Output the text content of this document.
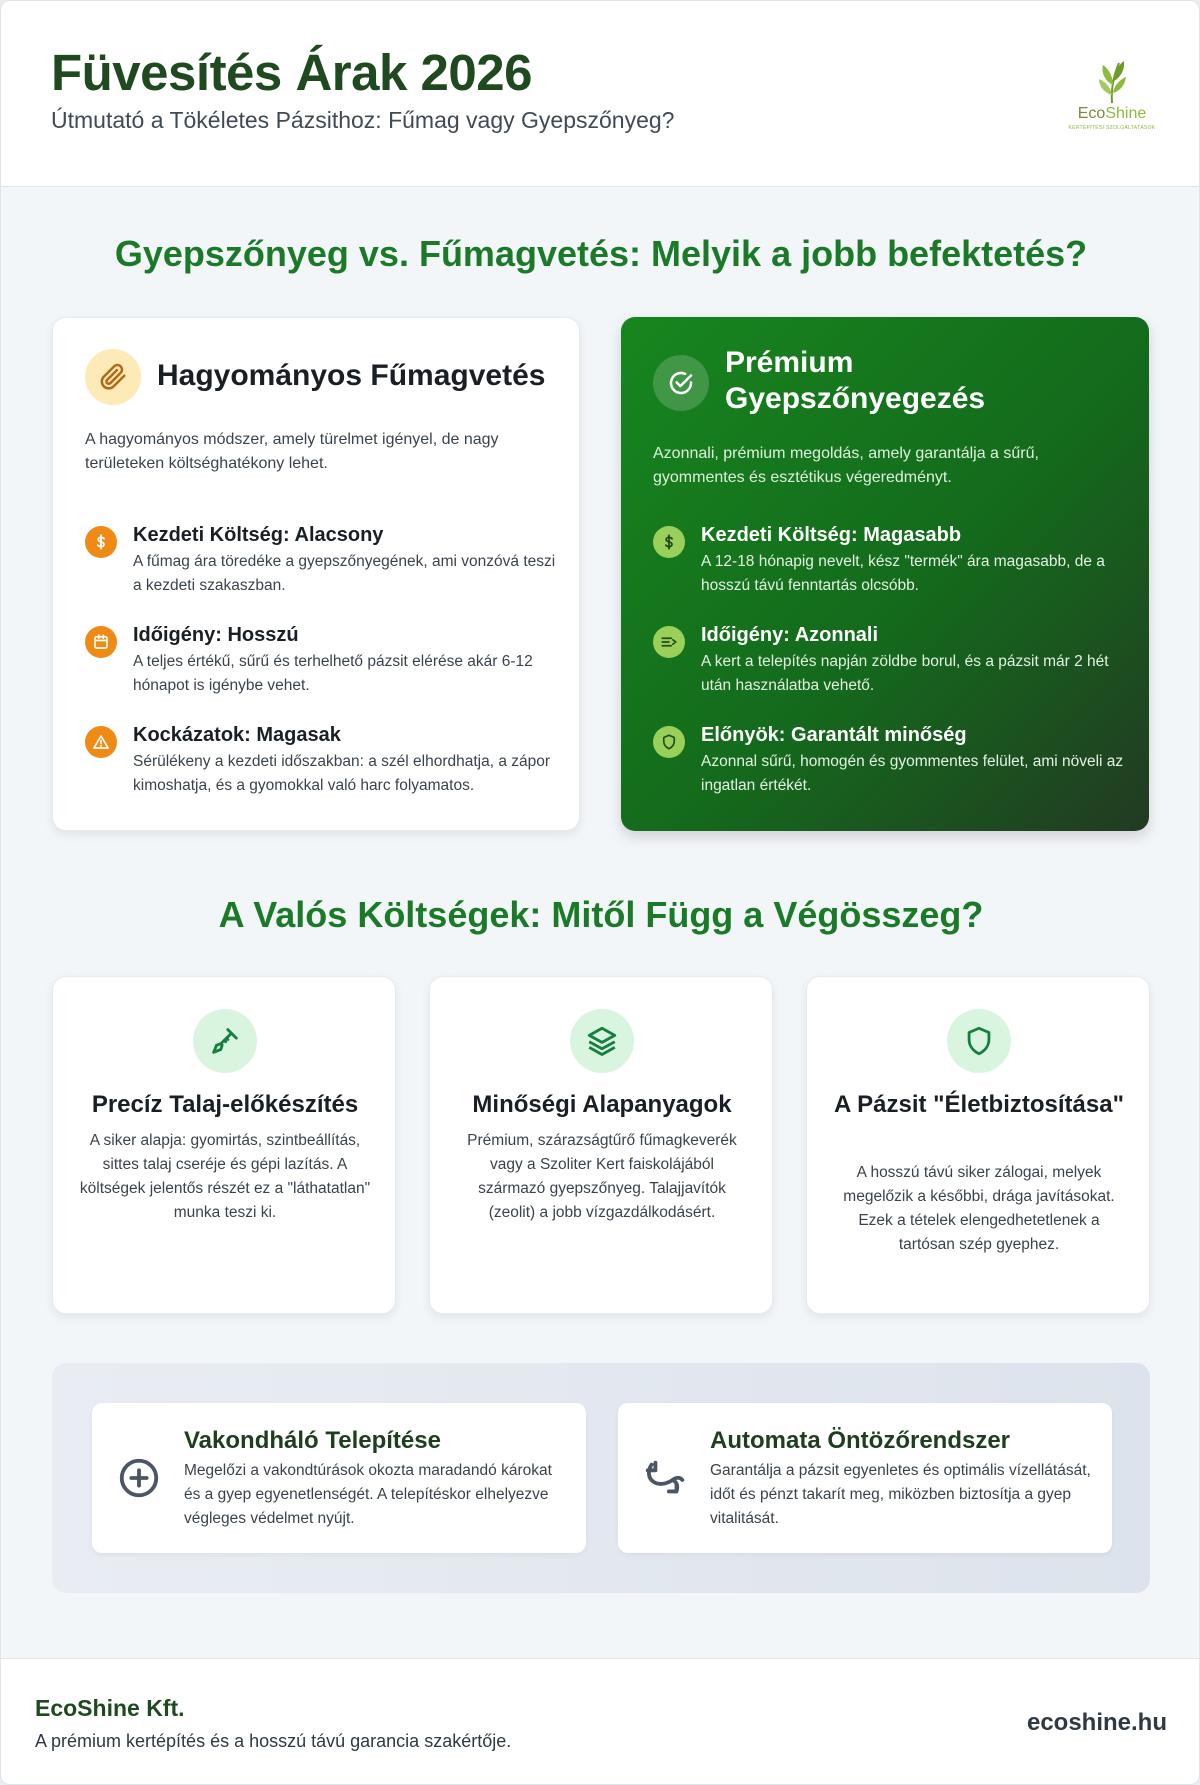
Füvesítés Árak 2026
Útmutató a Tökéletes Pázsithoz: Fűmag vagy Gyepszőnyeg?	EcoShine
KERTÉPÍTÉSI SZOLGÁLTATÁSOK
Gyepszőnyeg vs. Fűmagvetés: Melyik a jobb befektetés?
Hagyományos Fűmagvetés
A hagyományos módszer, amely türelmet igényel, de nagy területeken költséghatékony lehet.
Kezdeti Költség: Alacsony
A fűmag ára töredéke a gyepszőnyegének, ami vonzóvá teszi a kezdeti szakaszban.
Időigény: Hosszú
A teljes értékű, sűrű és terhelhető pázsit elérése akár 6-12 hónapot is igénybe vehet.
Kockázatok: Magasak
Sérülékeny a kezdeti időszakban: a szél elhordhatja, a zápor kimoshatja, és a gyomokkal való harc folyamatos.
Prémium Gyepszőnyegezés
Azonnali, prémium megoldás, amely garantálja a sűrű, gyommentes és esztétikus végeredményt.
Kezdeti Költség: Magasabb
A 12-18 hónapig nevelt, kész "termék" ára magasabb, de a hosszú távú fenntartás olcsóbb.
Időigény: Azonnali
A kert a telepítés napján zöldbe borul, és a pázsit már 2 hét után használatba vehető.
Előnyök: Garantált minőség
Azonnal sűrű, homogén és gyommentes felület, ami növeli az ingatlan értékét.
A Valós Költségek: Mitől Függ a Végösszeg?
Precíz Talaj-előkészítés
A siker alapja: gyomirtás, szintbeállítás, sittes talaj cseréje és gépi lazítás. A költségek jelentős részét ez a "láthatatlan" munka teszi ki.
Minőségi Alapanyagok
Prémium, szárazságtűrő fűmagkeverék vagy a Szoliter Kert faiskolájából származó gyepszőnyeg. Talajjavítók (zeolit) a jobb vízgazdálkodásért.
A Pázsit "Életbiztosítása"
A hosszú távú siker zálogai, melyek megelőzik a későbbi, drága javításokat. Ezek a tételek elengedhetetlenek a tartósan szép gyephez.
Vakondháló Telepítése
Megelőzi a vakondtúrások okozta maradandó károkat és a gyep egyenetlenségét. A telepítéskor elhelyezve végleges védelmet nyújt.
Automata Öntözőrendszer
Garantálja a pázsit egyenletes és optimális vízellátását, időt és pénzt takarít meg, miközben biztosítja a gyep vitalitását.
EcoShine Kft.
A prémium kertépítés és a hosszú távú garancia szakértője.
ecoshine.hu
